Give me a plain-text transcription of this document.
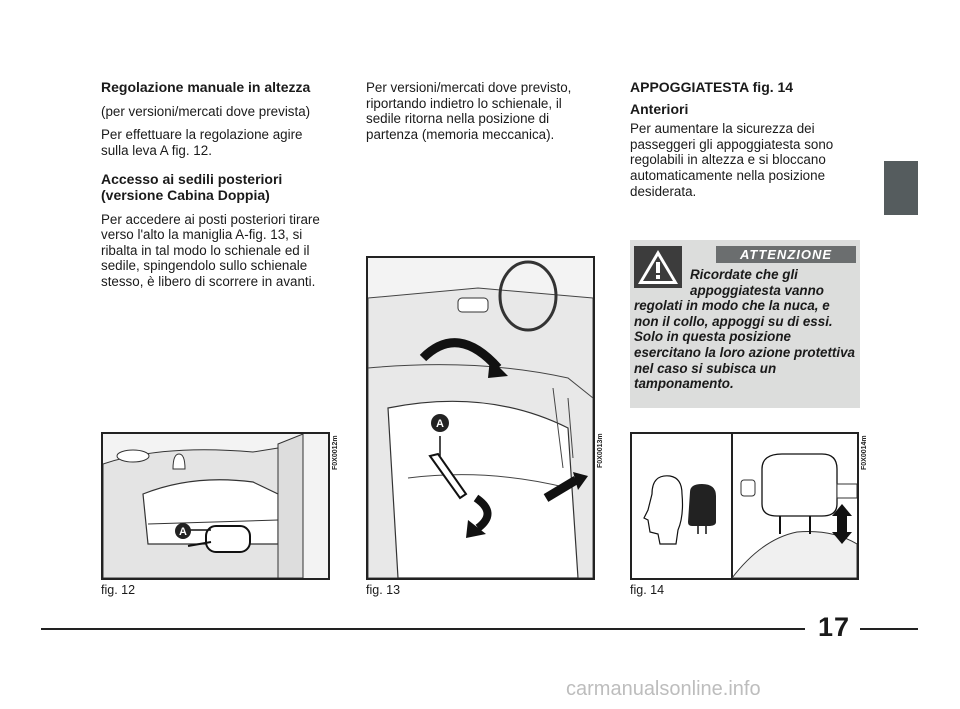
Regolazione manuale in altezza

(per versioni/mercati dove prevista)

Per effettuare la regolazione agire sulla leva A fig. 12.

Accesso ai sedili posteriori

(versione Cabina Doppia)

Per accedere ai posti posteriori tirare verso l'alto la maniglia A-fig. 13, si ribalta in tal modo lo schienale ed il sedile, spingendolo sullo schienale stesso, è libero di scorrere in avanti.

Per versioni/mercati dove previsto, riportando indietro lo schienale, il sedile ritorna nella posizione di partenza (memoria meccanica).

APPOGGIATESTA fig. 14

Anteriori

Per aumentare la sicurezza dei passeggeri gli appoggiatesta sono regolabili in altezza e si bloccano automaticamente nella posizione desiderata.

ATTENZIONE
Ricordate che gli appoggiatesta vanno regolati in modo che la nuca, e non il collo, appoggi su di essi. Solo in questa posizione esercitano la loro azione protettiva nel caso si subisca un tamponamento.
A
F0X0012m
fig. 12
A
F0X0013m
fig. 13
F0X0014m
fig. 14
17
carmanualsonline.info
